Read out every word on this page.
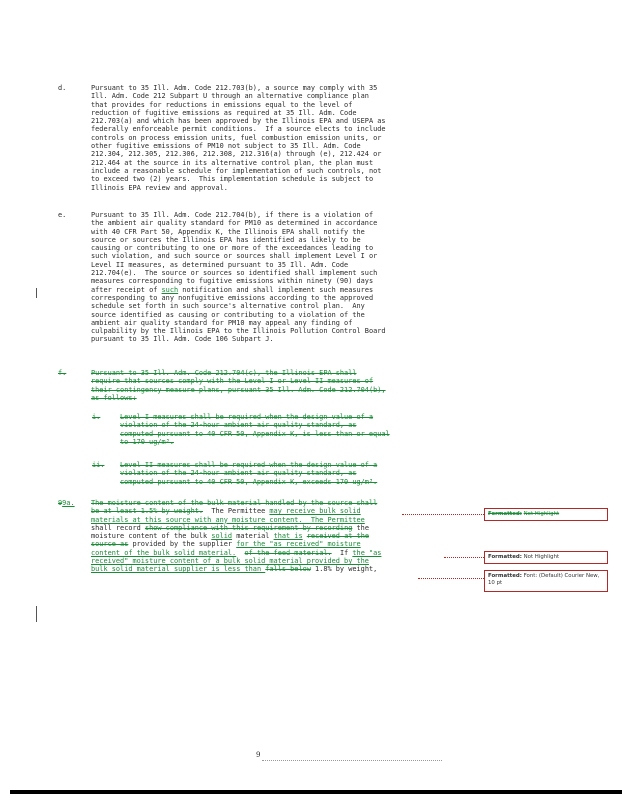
d.	Pursuant to 35 Ill. Adm. Code 212.703(b), a source may comply with 35
Ill. Adm. Code 212 Subpart U through an alternative compliance plan
that provides for reductions in emissions equal to the level of
reduction of fugitive emissions as required at 35 Ill. Adm. Code
212.703(a) and which has been approved by the Illinois EPA and USEPA as
federally enforceable permit conditions.  If a source elects to include
controls on process emission units, fuel combustion emission units, or
other fugitive emissions of PM10 not subject to 35 Ill. Adm. Code
212.304, 212.305, 212.306, 212.308, 212.316(a) through (e), 212.424 or
212.464 at the source in its alternative control plan, the plan must
include a reasonable schedule for implementation of such controls, not
to exceed two (2) years.  This implementation schedule is subject to
Illinois EPA review and approval.
e.	Pursuant to 35 Ill. Adm. Code 212.704(b), if there is a violation of
the ambient air quality standard for PM10 as determined in accordance
with 40 CFR Part 50, Appendix K, the Illinois EPA shall notify the
source or sources the Illinois EPA has identified as likely to be
causing or contributing to one or more of the exceedances leading to
such violation, and such source or sources shall implement Level I or
Level II measures, as determined pursuant to 35 Ill. Adm. Code
212.704(e).  The source or sources so identified shall implement such
measures corresponding to fugitive emissions within ninety (90) days
after receipt of such notification and shall implement such measures
corresponding to any nonfugitive emissions according to the approved
schedule set forth in such source's alternative control plan.  Any
source identified as causing or contributing to a violation of the
ambient air quality standard for PM10 may appeal any finding of
culpability by the Illinois EPA to the Illinois Pollution Control Board
pursuant to 35 Ill. Adm. Code 106 Subpart J.
f.	Pursuant to 35 Ill. Adm. Code 212.704(c), the Illinois EPA shall
require that sources comply with the Level I or Level II measures of
their contingency measure plans, pursuant 35 Ill. Adm. Code 212.704(b),
as follows:
i.	Level I measures shall be required when the design value of a
violation of the 24-hour ambient air quality standard, as
computed pursuant to 40 CFR 50, Appendix K, is less than or equal
to 170 ug/m³.
ii. Level II measures shall be required when the design value of a
violation of the 24-hour ambient air quality standard, as
computed pursuant to 40 CFR 50, Appendix K, exceeds 170 ug/m³.
99a.	The moisture content of the bulk material handled by the source shall
be at least 1.5% by weight.  The Permittee may receive bulk solid
materials at this source with any moisture content.  The Permittee
shall record show compliance with this requirement by recording the
moisture content of the bulk solid material that is received at the
source as provided by the supplier for the "as received" moisture
content of the bulk solid material. of the feed material.  If the "as
received" moisture content of a bulk solid material provided by the
bulk solid material supplier is less than falls below 1.8% by weight,
Formatted: Not Highlight
Formatted: Not Highlight
Formatted: Font: (Default) Courier New, 10 pt
9
